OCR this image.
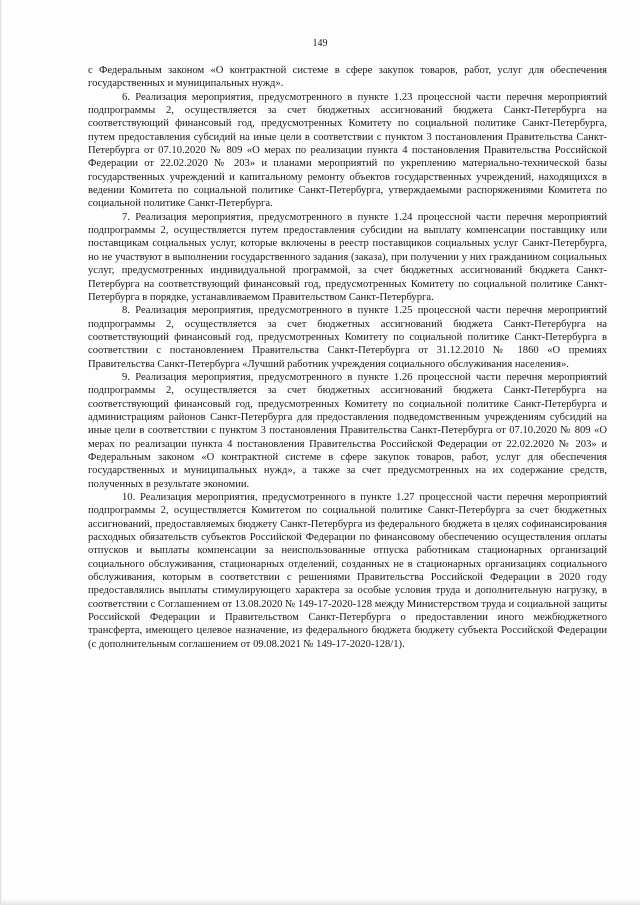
149

с Федеральным законом «О контрактной системе в сфере закупок товаров, работ, услуг для обеспечения государственных и муниципальных нужд».

6. Реализация мероприятия, предусмотренного в пункте 1.23 процессной части перечня мероприятий подпрограммы 2, осуществляется за счет бюджетных ассигнований бюджета Санкт-Петербурга на соответствующий финансовый год, предусмотренных Комитету по социальной политике Санкт-Петербурга, путем предоставления субсидий на иные цели в соответствии с пунктом 3 постановления Правительства Санкт-Петербурга от 07.10.2020 № 809 «О мерах по реализации пункта 4 постановления Правительства Российской Федерации от 22.02.2020 № 203» и планами мероприятий по укреплению материально-технической базы государственных учреждений и капитальному ремонту объектов государственных учреждений, находящихся в ведении Комитета по социальной политике Санкт-Петербурга, утверждаемыми распоряжениями Комитета по социальной политике Санкт-Петербурга.

7. Реализация мероприятия, предусмотренного в пункте 1.24 процессной части перечня мероприятий подпрограммы 2, осуществляется путем предоставления субсидии на выплату компенсации поставщику или поставщикам социальных услуг, которые включены в реестр поставщиков социальных услуг Санкт-Петербурга, но не участвуют в выполнении государственного задания (заказа), при получении у них гражданином социальных услуг, предусмотренных индивидуальной программой, за счет бюджетных ассигнований бюджета Санкт-Петербурга на соответствующий финансовый год, предусмотренных Комитету по социальной политике Санкт-Петербурга в порядке, устанавливаемом Правительством Санкт-Петербурга.

8. Реализация мероприятия, предусмотренного в пункте 1.25 процессной части перечня мероприятий подпрограммы 2, осуществляется за счет бюджетных ассигнований бюджета Санкт-Петербурга на соответствующий финансовый год, предусмотренных Комитету по социальной политике Санкт-Петербурга в соответствии с постановлением Правительства Санкт-Петербурга от 31.12.2010 № 1860 «О премиях Правительства Санкт-Петербурга «Лучший работник учреждения социального обслуживания населения».

9. Реализация мероприятия, предусмотренного в пункте 1.26 процессной части перечня мероприятий подпрограммы 2, осуществляется за счет бюджетных ассигнований бюджета Санкт-Петербурга на соответствующий финансовый год, предусмотренных Комитету по социальной политике Санкт-Петербурга и администрациям районов Санкт-Петербурга для предоставления подведомственным учреждениям субсидий на иные цели в соответствии с пунктом 3 постановления Правительства Санкт-Петербурга от 07.10.2020 № 809 «О мерах по реализации пункта 4 постановления Правительства Российской Федерации от 22.02.2020 № 203» и Федеральным законом «О контрактной системе в сфере закупок товаров, работ, услуг для обеспечения государственных и муниципальных нужд», а также за счет предусмотренных на их содержание средств, полученных в результате экономии.

10. Реализация мероприятия, предусмотренного в пункте 1.27 процессной части перечня мероприятий подпрограммы 2, осуществляется Комитетом по социальной политике Санкт-Петербурга за счет бюджетных ассигнований, предоставляемых бюджету Санкт-Петербурга из федерального бюджета в целях софинансирования расходных обязательств субъектов Российской Федерации по финансовому обеспечению осуществления оплаты отпусков и выплаты компенсации за неиспользованные отпуска работникам стационарных организаций социального обслуживания, стационарных отделений, созданных не в стационарных организациях социального обслуживания, которым в соответствии с решениями Правительства Российской Федерации в 2020 году предоставлялись выплаты стимулирующего характера за особые условия труда и дополнительную нагрузку, в соответствии с Соглашением от 13.08.2020 № 149-17-2020-128 между Министерством труда и социальной защиты Российской Федерации и Правительством Санкт-Петербурга о предоставлении иного межбюджетного трансферта, имеющего целевое назначение, из федерального бюджета бюджету субъекта Российской Федерации (с дополнительным соглашением от 09.08.2021 № 149-17-2020-128/1).
